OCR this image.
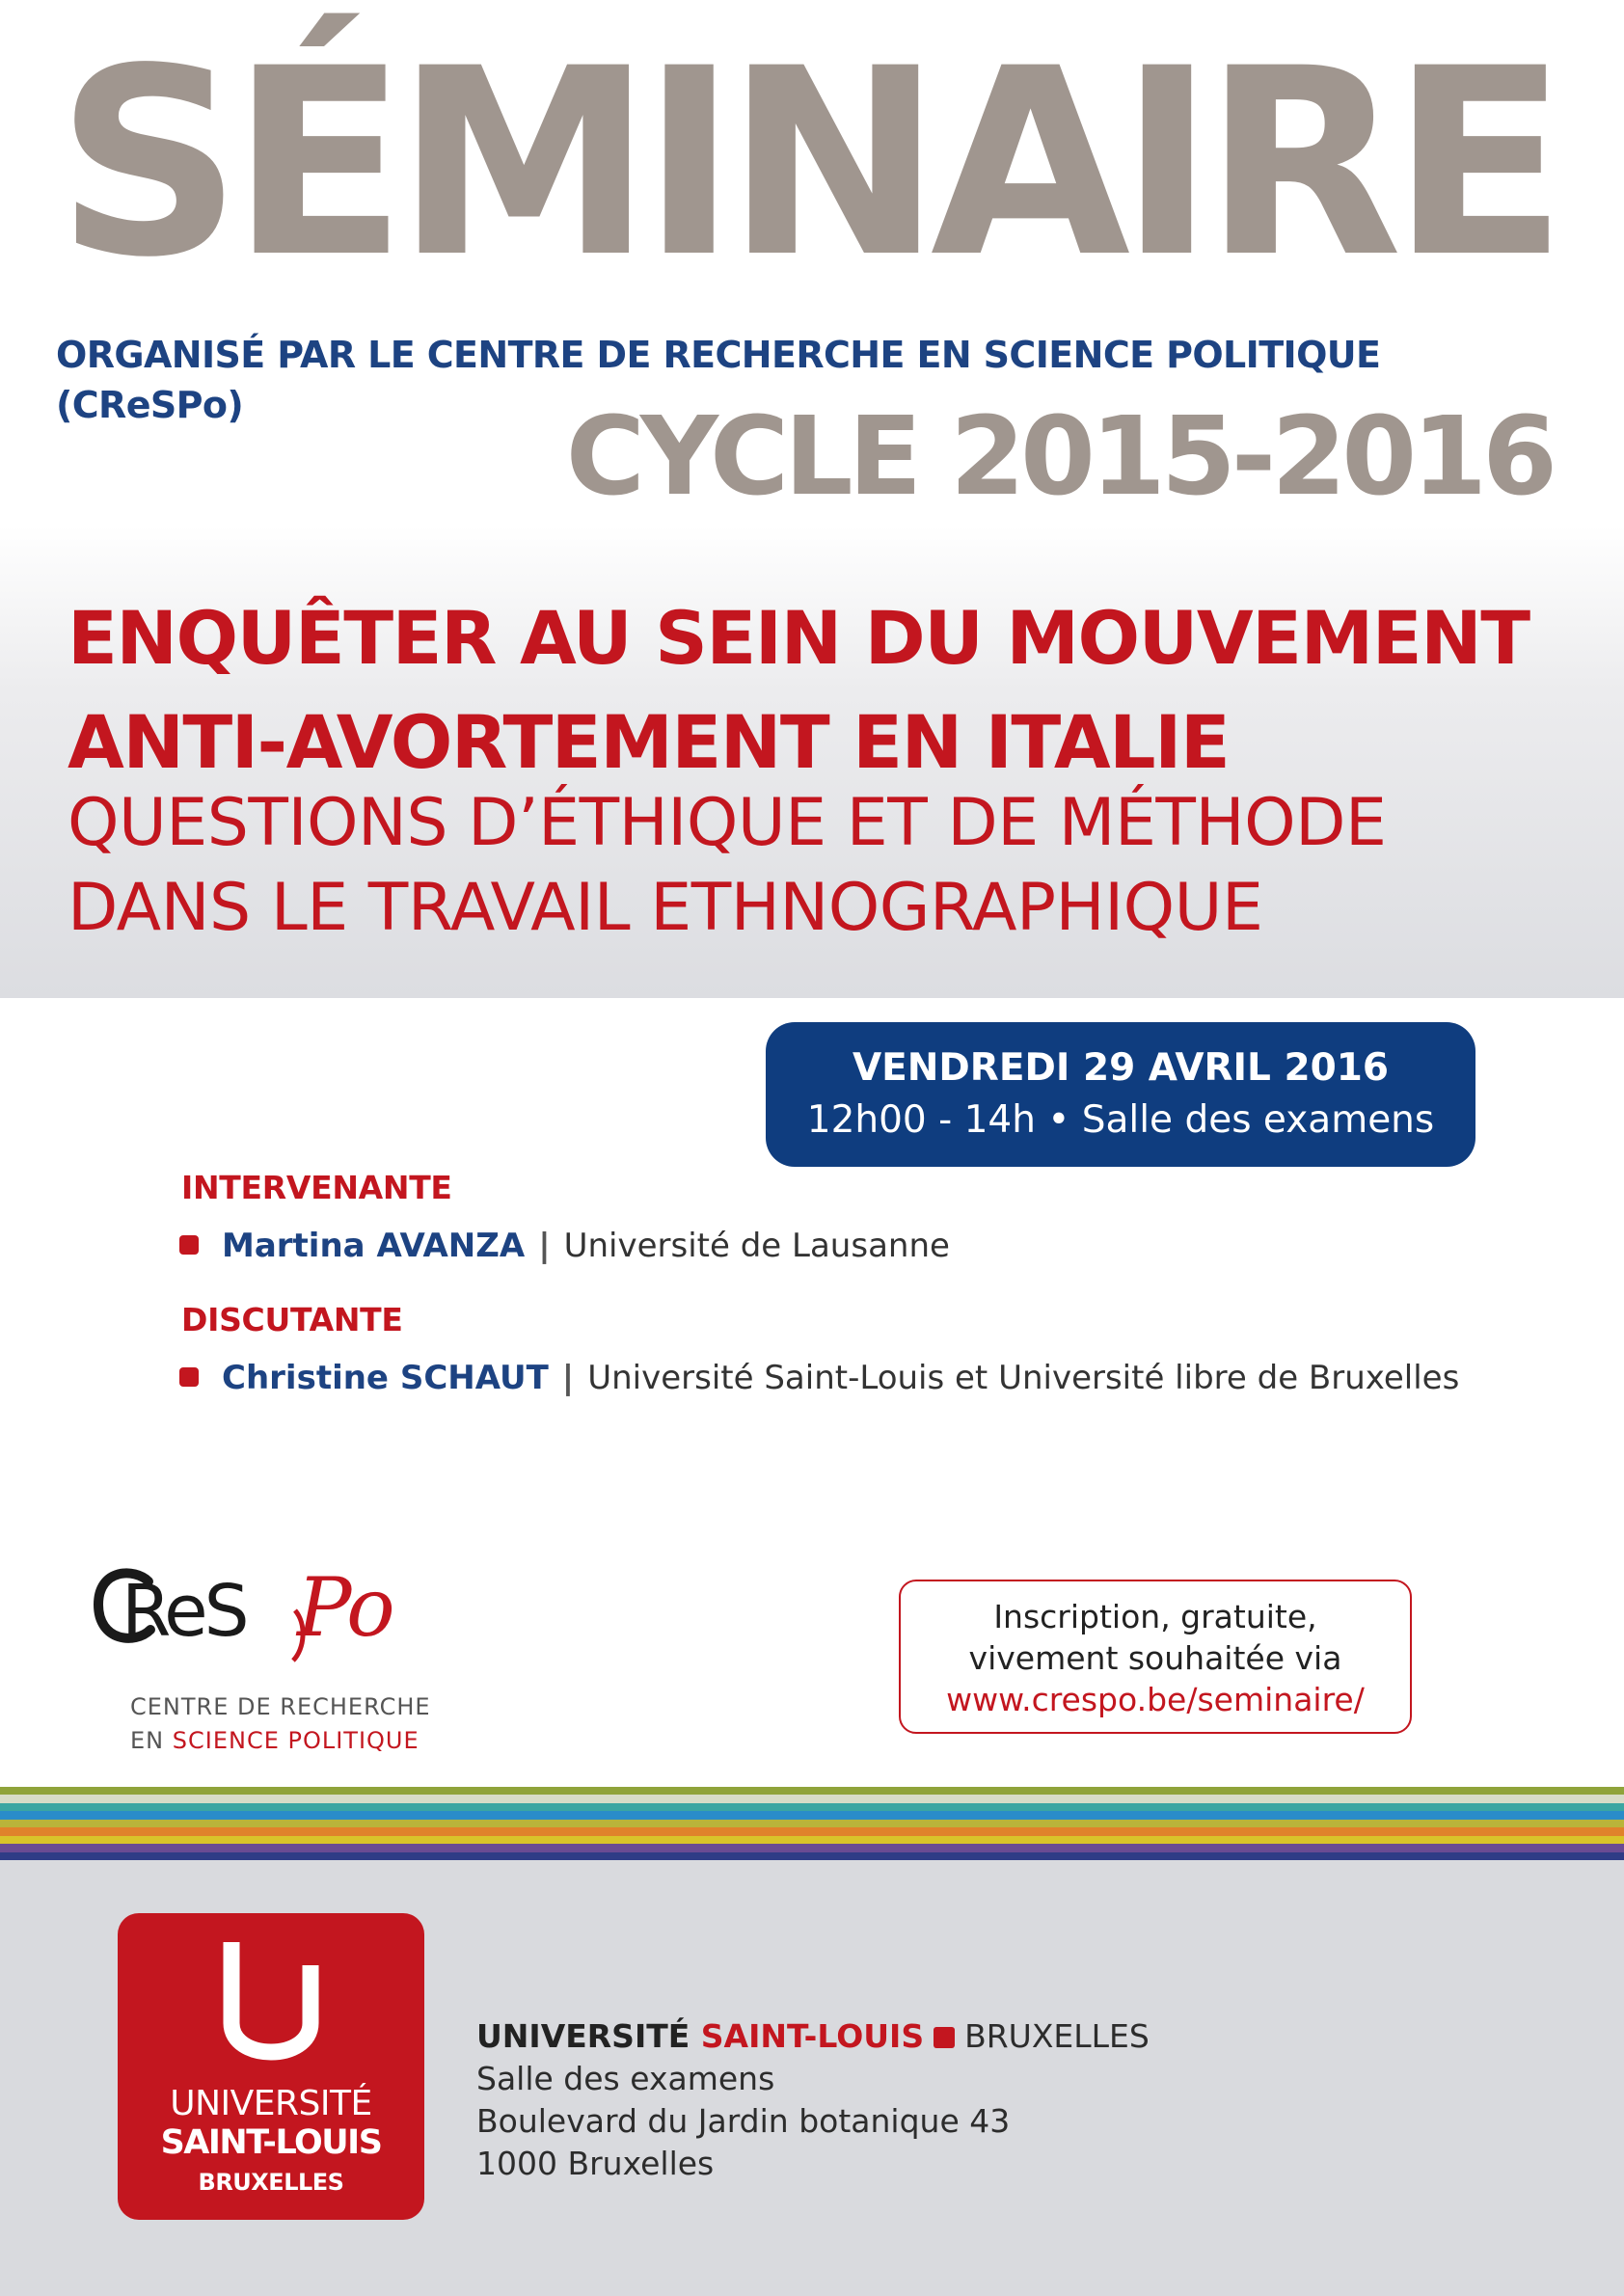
SÉMINAIRE
ORGANISÉ PAR LE CENTRE DE RECHERCHE EN SCIENCE POLITIQUE (CReSPo)	CYCLE 2015-2016
ENQUÊTER AU SEIN DU MOUVEMENT
ANTI-AVORTEMENT EN ITALIE
QUESTIONS D’ÉTHIQUE ET DE MÉTHODE
DANS LE TRAVAIL ETHNOGRAPHIQUE
VENDREDI 29 AVRIL 2016
12h00 - 14h • Salle des examens
INTERVENANTE
Martina AVANZA | Université de Lausanne
DISCUTANTE
Christine SCHAUT | Université Saint-Louis et Université libre de Bruxelles
ReS Po
CENTRE DE RECHERCHE
EN SCIENCE POLITIQUE
Inscription, gratuite,
vivement souhaitée via
www.crespo.be/seminaire/
UNIVERSITÉ
SAINT-LOUIS
BRUXELLES
UNIVERSITÉ SAINT-LOUIS BRUXELLES
Salle des examens
Boulevard du Jardin botanique 43
1000 Bruxelles
